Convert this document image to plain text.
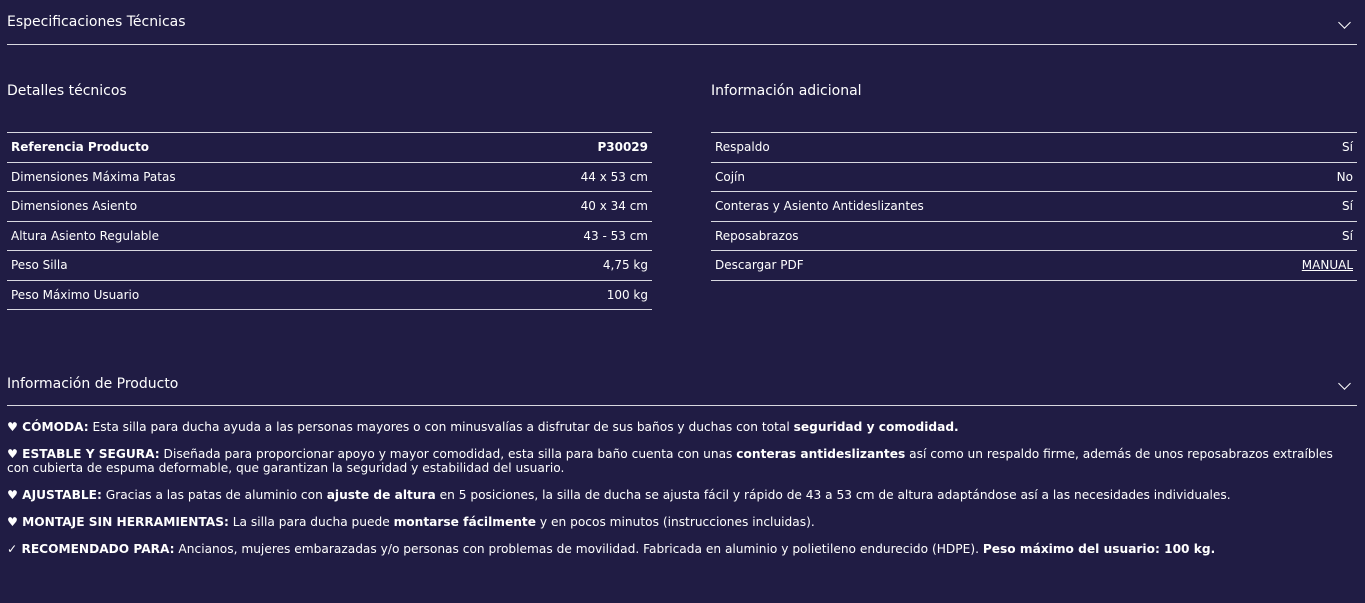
Especificaciones Técnicas
Detalles técnicos
Referencia Producto	P30029
Dimensiones Máxima Patas	44 x 53 cm
Dimensiones Asiento	40 x 34 cm
Altura Asiento Regulable	43 - 53 cm
Peso Silla	4,75 kg
Peso Máximo Usuario	100 kg
Información adicional
Respaldo	Sí
Cojín	No
Conteras y Asiento Antideslizantes	Sí
Reposabrazos	Sí
Descargar PDF	MANUAL
Información de Producto

♥ CÓMODA: Esta silla para ducha ayuda a las personas mayores o con minusvalías a disfrutar de sus baños y duchas con total seguridad y comodidad.

♥ ESTABLE Y SEGURA: Diseñada para proporcionar apoyo y mayor comodidad, esta silla para baño cuenta con unas conteras antideslizantes así como un respaldo firme, además de unos reposabrazos extraíbles con cubierta de espuma deformable, que garantizan la seguridad y estabilidad del usuario.

♥ AJUSTABLE: Gracias a las patas de aluminio con ajuste de altura en 5 posiciones, la silla de ducha se ajusta fácil y rápido de 43 a 53 cm de altura adaptándose así a las necesidades individuales.

♥ MONTAJE SIN HERRAMIENTAS: La silla para ducha puede montarse fácilmente y en pocos minutos (instrucciones incluidas).

✓ RECOMENDADO PARA: Ancianos, mujeres embarazadas y/o personas con problemas de movilidad. Fabricada en aluminio y polietileno endurecido (HDPE). Peso máximo del usuario: 100 kg.
